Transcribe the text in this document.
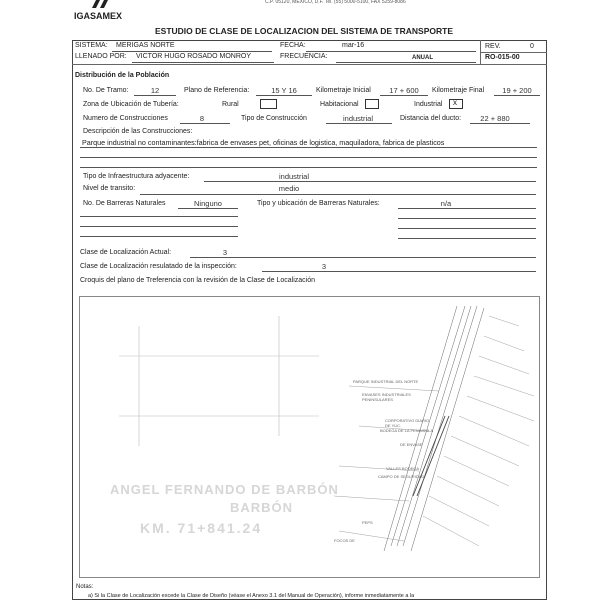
C.P. 05120, MEXICO, D.F. Tel. (55) 5000-5100, FAX 5259-8086
IGASAMEX
ESTUDIO DE CLASE DE LOCALIZACION DEL SISTEMA DE TRANSPORTE
SISTEMA: MERIGAS NORTE	FECHA:	mar-16	REV.	0
LLENADO POR: VICTOR HUGO ROSADO MONROY	FRECUENCIA:	ANUAL	RO-015-00
Distribución de la Población
No. De Tramo:	12	Plano de Referencia:	15 Y 16	Kilometraje Inicial	17 + 600	Kilometraje Final	19 + 200
Zona de Ubicación de Tubería:	Rural	Habitacional	Industrial x
Numero de Construcciones	8	Tipo de Construcción	industrial	Distancia del ducto:	22 + 880
Descripción de las Construcciones:
Parque industrial no contaminantes:fabrica de envases pet, oficinas de logistica, maquiladora, fabrica de plasticos
Tipo de Infraestructura adyacente:	industrial
Nivel de transito:	medio
No. De Barreras Naturales	Ninguno	Tipo y ubicación de Barreras Naturales:	n/a
Clase de Localización Actual:	3
Clase de Localización resulatado de la inspección:	3
Croquis del plano de Treferencia con la revisión de la Clase de Localización
ANGEL FERNANDO DE BARBÓN
BARBÓN
KM. 71+841.24
PARQUE INDUSTRIAL DEL NORTE
ENVASES INDUSTRIALES PENINSULARES
CORPORATIVO DIARIO DE YUC.
BODEGA DE LA PENINSULA
DE ENVASE
VALLES BODEGA
CAMPO DE SEGURIDAD
PEPS
FOCOS DE
Notas:
a) Si la Clase de Localización excede la Clase de Diseño (véase el Anexo 3.1 del Manual de Operación), informe inmediatamente a la
